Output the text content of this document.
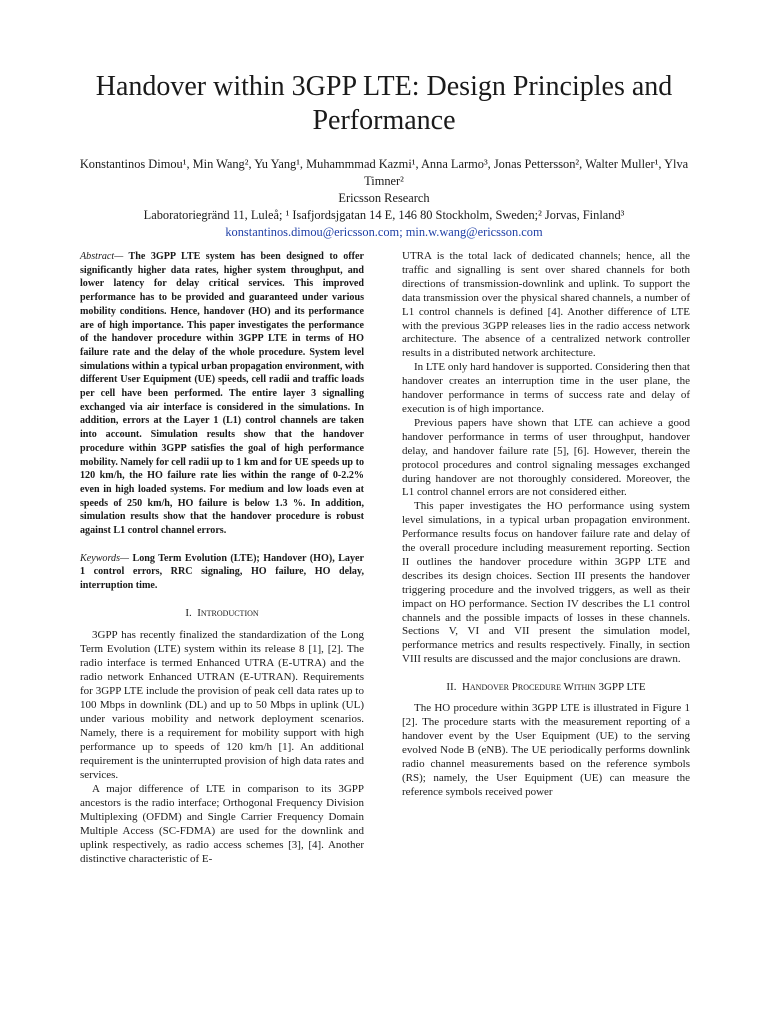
Handover within 3GPP LTE: Design Principles and Performance
Konstantinos Dimou¹, Min Wang², Yu Yang¹, Muhammmad Kazmi¹, Anna Larmo³, Jonas Pettersson², Walter Muller¹, Ylva Timner²
Ericsson Research
Laboratoriegränd 11, Luleå; ¹ Isafjordsjgatan 14 E, 146 80 Stockholm, Sweden;² Jorvas, Finland³
konstantinos.dimou@ericsson.com; min.w.wang@ericsson.com

Abstract— The 3GPP LTE system has been designed to offer significantly higher data rates, higher system throughput, and lower latency for delay critical services. This improved performance has to be provided and guaranteed under various mobility conditions. Hence, handover (HO) and its performance are of high importance. This paper investigates the performance of the handover procedure within 3GPP LTE in terms of HO failure rate and the delay of the whole procedure. System level simulations within a typical urban propagation environment, with different User Equipment (UE) speeds, cell radii and traffic loads per cell have been performed. The entire layer 3 signalling exchanged via air interface is considered in the simulations. In addition, errors at the Layer 1 (L1) control channels are taken into account. Simulation results show that the handover procedure within 3GPP satisfies the goal of high performance mobility. Namely for cell radii up to 1 km and for UE speeds up to 120 km/h, the HO failure rate lies within the range of 0-2.2% even in high loaded systems. For medium and low loads even at speeds of 250 km/h, HO failure is below 1.3 %. In addition, simulation results show that the handover procedure is robust against L1 control channel errors.

Keywords— Long Term Evolution (LTE); Handover (HO), Layer 1 control errors, RRC signaling, HO failure, HO delay, interruption time.

I. Introduction

3GPP has recently finalized the standardization of the Long Term Evolution (LTE) system within its release 8 [1], [2]. The radio interface is termed Enhanced UTRA (E-UTRA) and the radio network Enhanced UTRAN (E-UTRAN). Requirements for 3GPP LTE include the provision of peak cell data rates up to 100 Mbps in downlink (DL) and up to 50 Mbps in uplink (UL) under various mobility and network deployment scenarios. Namely, there is a requirement for mobility support with high performance up to speeds of 120 km/h [1]. An additional requirement is the uninterrupted provision of high data rates and services.

A major difference of LTE in comparison to its 3GPP ancestors is the radio interface; Orthogonal Frequency Division Multiplexing (OFDM) and Single Carrier Frequency Domain Multiple Access (SC-FDMA) are used for the downlink and uplink respectively, as radio access schemes [3], [4]. Another distinctive characteristic of E-

UTRA is the total lack of dedicated channels; hence, all the traffic and signalling is sent over shared channels for both directions of transmission-downlink and uplink. To support the data transmission over the physical shared channels, a number of L1 control channels is defined [4]. Another difference of LTE with the previous 3GPP releases lies in the radio access network architecture. The absence of a centralized network controller results in a distributed network architecture.

In LTE only hard handover is supported. Considering then that handover creates an interruption time in the user plane, the handover performance in terms of success rate and delay of execution is of high importance.

Previous papers have shown that LTE can achieve a good handover performance in terms of user throughput, handover delay, and handover failure rate [5], [6]. However, therein the protocol procedures and control signaling messages exchanged during handover are not thoroughly considered. Moreover, the L1 control channel errors are not considered either.

This paper investigates the HO performance using system level simulations, in a typical urban propagation environment. Performance results focus on handover failure rate and delay of the overall procedure including measurement reporting. Section II outlines the handover procedure within 3GPP LTE and describes its design choices. Section III presents the handover triggering procedure and the involved triggers, as well as their impact on HO performance. Section IV describes the L1 control channels and the possible impacts of losses in these channels. Sections V, VI and VII present the simulation model, performance metrics and results respectively. Finally, in section VIII results are discussed and the major conclusions are drawn.

II. Handover Procedure Within 3GPP LTE

The HO procedure within 3GPP LTE is illustrated in Figure 1 [2]. The procedure starts with the measurement reporting of a handover event by the User Equipment (UE) to the serving evolved Node B (eNB). The UE periodically performs downlink radio channel measurements based on the reference symbols (RS); namely, the User Equipment (UE) can measure the reference symbols received power
